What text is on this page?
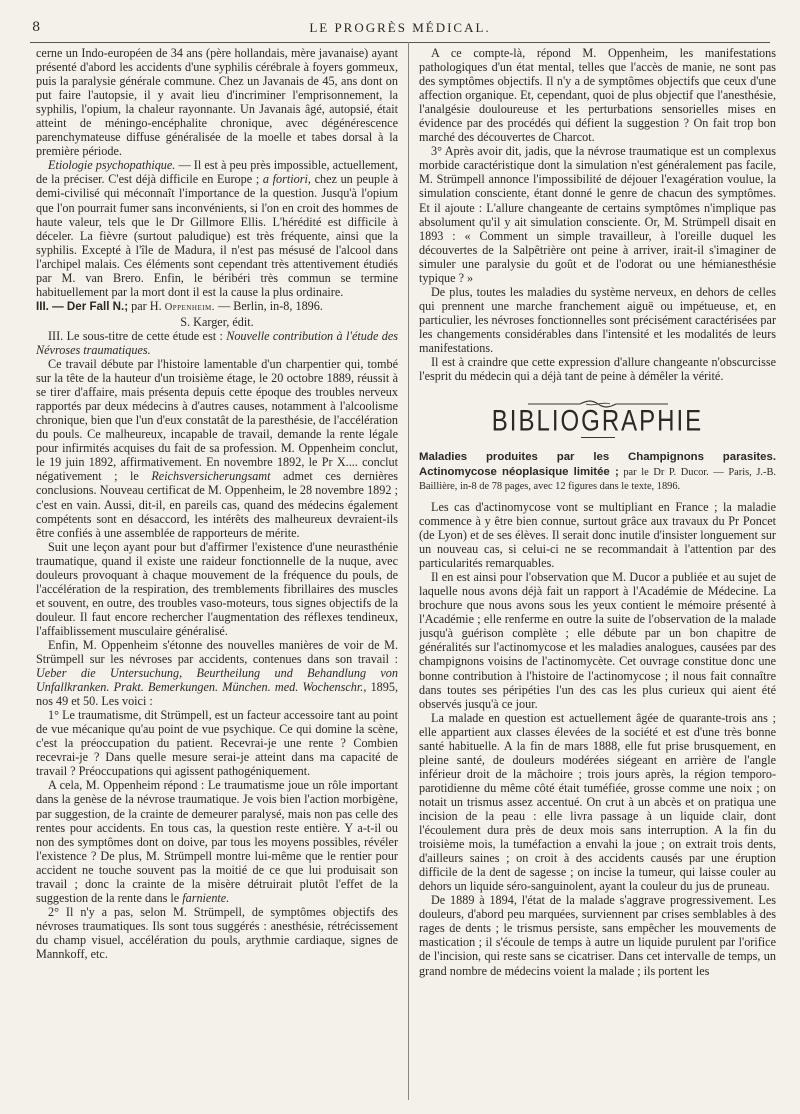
8	LE PROGRÈS MÉDICAL.

cerne un Indo-européen de 34 ans (père hollandais, mère javanaise) ayant présenté d'abord les accidents d'une syphilis cérébrale à foyers gommeux, puis la paralysie générale commune. Chez un Javanais de 45, ans dont on put faire l'autopsie, il y avait lieu d'incriminer l'emprisonnement, la syphilis, l'opium, la chaleur rayonnante. Un Javanais âgé, autopsié, était atteint de méningo-encéphalite chronique, avec dégénérescence parenchymateuse diffuse généralisée de la moelle et tabes dorsal à la première période.

Etiologie psychopathique. — Il est à peu près impossible, actuellement, de la préciser. C'est déjà difficile en Europe ; a fortiori, chez un peuple à demi-civilisé qui méconnaît l'importance de la question. Jusqu'à l'opium que l'on pourrait fumer sans inconvénients, si l'on en croit des hommes de haute valeur, tels que le Dr Gillmore Ellis. L'hérédité est difficile à déceler. La fièvre (surtout paludique) est très fréquente, ainsi que la syphilis. Excepté à l'île de Madura, il n'est pas mésusé de l'alcool dans l'archipel malais. Ces éléments sont cependant très attentivement étudiés par M. van Brero. Enfin, le béribéri très commun se termine habituellement par la mort dont il est la cause la plus ordinaire.

III. — Der Fall N.; par H. Oppenheim. — Berlin, in-8, 1896.

S. Karger, édit.

III. Le sous-titre de cette étude est : Nouvelle contribution à l'étude des Névroses traumatiques.

Ce travail débute par l'histoire lamentable d'un charpentier qui, tombé sur la tête de la hauteur d'un troisième étage, le 20 octobre 1889, réussit à se tirer d'affaire, mais présenta depuis cette époque des troubles nerveux rapportés par deux médecins à d'autres causes, notamment à l'alcoolisme chronique, bien que l'un d'eux constatât de la paresthésie, de l'accélération du pouls. Ce malheureux, incapable de travail, demande la rente légale pour infirmités acquises du fait de sa profession. M. Oppenheim conclut, le 19 juin 1892, affirmativement. En novembre 1892, le Pr X.... conclut négativement ; le Reichsversicherungsamt admet ces dernières conclusions. Nouveau certificat de M. Oppenheim, le 28 novembre 1892 ; c'est en vain. Aussi, dit-il, en pareils cas, quand des médecins également compétents sont en désaccord, les intérêts des malheureux devraient-ils être confiés à une assemblée de rapporteurs de mérite.

Suit une leçon ayant pour but d'affirmer l'existence d'une neurasthénie traumatique, quand il existe une raideur fonctionnelle de la nuque, avec douleurs provoquant à chaque mouvement de la fréquence du pouls, de l'accélération de la respiration, des tremblements fibrillaires des muscles et souvent, en outre, des troubles vaso-moteurs, tous signes objectifs de la douleur. Il faut encore rechercher l'augmentation des réflexes tendineux, l'affaiblissement musculaire généralisé.

Enfin, M. Oppenheim s'étonne des nouvelles manières de voir de M. Strümpell sur les névroses par accidents, contenues dans son travail : Ueber die Untersuchung, Beurtheilung und Behandlung von Unfallkranken. Prakt. Bemerkungen. München. med. Wochenschr., 1895, nos 49 et 50. Les voici :

1° Le traumatisme, dit Strümpell, est un facteur accessoire tant au point de vue mécanique qu'au point de vue psychique. Ce qui domine la scène, c'est la préoccupation du patient. Recevrai-je une rente ? Combien recevrai-je ? Dans quelle mesure serai-je atteint dans ma capacité de travail ? Préoccupations qui agissent pathogéniquement.

A cela, M. Oppenheim répond : Le traumatisme joue un rôle important dans la genèse de la névrose traumatique. Je vois bien l'action morbigène, par suggestion, de la crainte de demeurer paralysé, mais non pas celle des rentes pour accidents. En tous cas, la question reste entière. Y a-t-il ou non des symptômes dont on doive, par tous les moyens possibles, révéler l'existence ? De plus, M. Strümpell montre lui-même que le rentier pour accident ne touche souvent pas la moitié de ce que lui produisait son travail ; donc la crainte de la misère détruirait plutôt l'effet de la suggestion de la rente dans le farniente.

2° Il n'y a pas, selon M. Strümpell, de symptômes objectifs des névroses traumatiques. Ils sont tous suggérés : anesthésie, rétrécissement du champ visuel, accélération du pouls, arythmie cardiaque, signes de Mannkoff, etc.

A ce compte-là, répond M. Oppenheim, les manifestations pathologiques d'un état mental, telles que l'accès de manie, ne sont pas des symptômes objectifs. Il n'y a de symptômes objectifs que ceux d'une affection organique. Et, cependant, quoi de plus objectif que l'anesthésie, l'analgésie douloureuse et les perturbations sensorielles mises en évidence par des procédés qui défient la suggestion ? On fait trop bon marché des découvertes de Charcot.

3° Après avoir dit, jadis, que la névrose traumatique est un complexus morbide caractéristique dont la simulation n'est généralement pas facile, M. Strümpell annonce l'impossibilité de déjouer l'exagération voulue, la simulation consciente, étant donné le genre de chacun des symptômes. Et il ajoute : L'allure changeante de certains symptômes n'implique pas absolument qu'il y ait simulation consciente. Or, M. Strümpell disait en 1893 : « Comment un simple travailleur, à l'oreille duquel les découvertes de la Salpêtrière ont peine à arriver, irait-il s'imaginer de simuler une paralysie du goût et de l'odorat ou une hémianesthésie typique ? »

De plus, toutes les maladies du système nerveux, en dehors de celles qui prennent une marche franchement aiguë ou impétueuse, et, en particulier, les névroses fonctionnelles sont précisément caractérisées par les changements considérables dans l'intensité et les modalités de leurs manifestations.

Il est à craindre que cette expression d'allure changeante n'obscurcisse l'esprit du médecin qui a déjà tant de peine à démêler la vérité.

BIBLIOGRAPHIE

Maladies produites par les Champignons parasites. Actinomycose néoplasique limitée ; par le Dr P. Ducor. — Paris, J.-B. Baillière, in-8 de 78 pages, avec 12 figures dans le texte, 1896.

Les cas d'actinomycose vont se multipliant en France ; la maladie commence à y être bien connue, surtout grâce aux travaux du Pr Poncet (de Lyon) et de ses élèves. Il serait donc inutile d'insister longuement sur un nouveau cas, si celui-ci ne se recommandait à l'attention par des particularités remarquables.

Il en est ainsi pour l'observation que M. Ducor a publiée et au sujet de laquelle nous avons déjà fait un rapport à l'Académie de Médecine. La brochure que nous avons sous les yeux contient le mémoire présenté à l'Académie ; elle renferme en outre la suite de l'observation de la malade jusqu'à guérison complète ; elle débute par un bon chapitre de généralités sur l'actinomycose et les maladies analogues, causées par des champignons voisins de l'actinomycète. Cet ouvrage constitue donc une bonne contribution à l'histoire de l'actinomycose ; il nous fait connaître dans toutes ses péripéties l'un des cas les plus curieux qui aient été observés jusqu'à ce jour.

La malade en question est actuellement âgée de quarante-trois ans ; elle appartient aux classes élevées de la société et est d'une très bonne santé habituelle. A la fin de mars 1888, elle fut prise brusquement, en pleine santé, de douleurs modérées siégeant en arrière de l'angle inférieur droit de la mâchoire ; trois jours après, la région temporo-parotidienne du même côté était tuméfiée, grosse comme une noix ; on notait un trismus assez accentué. On crut à un abcès et on pratiqua une incision de la peau : elle livra passage à un liquide clair, dont l'écoulement dura près de deux mois sans interruption. A la fin du troisième mois, la tuméfaction a envahi la joue ; on extrait trois dents, d'ailleurs saines ; on croit à des accidents causés par une éruption difficile de la dent de sagesse ; on incise la tumeur, qui laisse couler au dehors un liquide séro-sanguinolent, ayant la couleur du jus de pruneau.

De 1889 à 1894, l'état de la malade s'aggrave progressivement. Les douleurs, d'abord peu marquées, surviennent par crises semblables à des rages de dents ; le trismus persiste, sans empêcher les mouvements de mastication ; il s'écoule de temps à autre un liquide purulent par l'orifice de l'incision, qui reste sans se cicatriser. Dans cet intervalle de temps, un grand nombre de médecins voient la malade ; ils portent les
